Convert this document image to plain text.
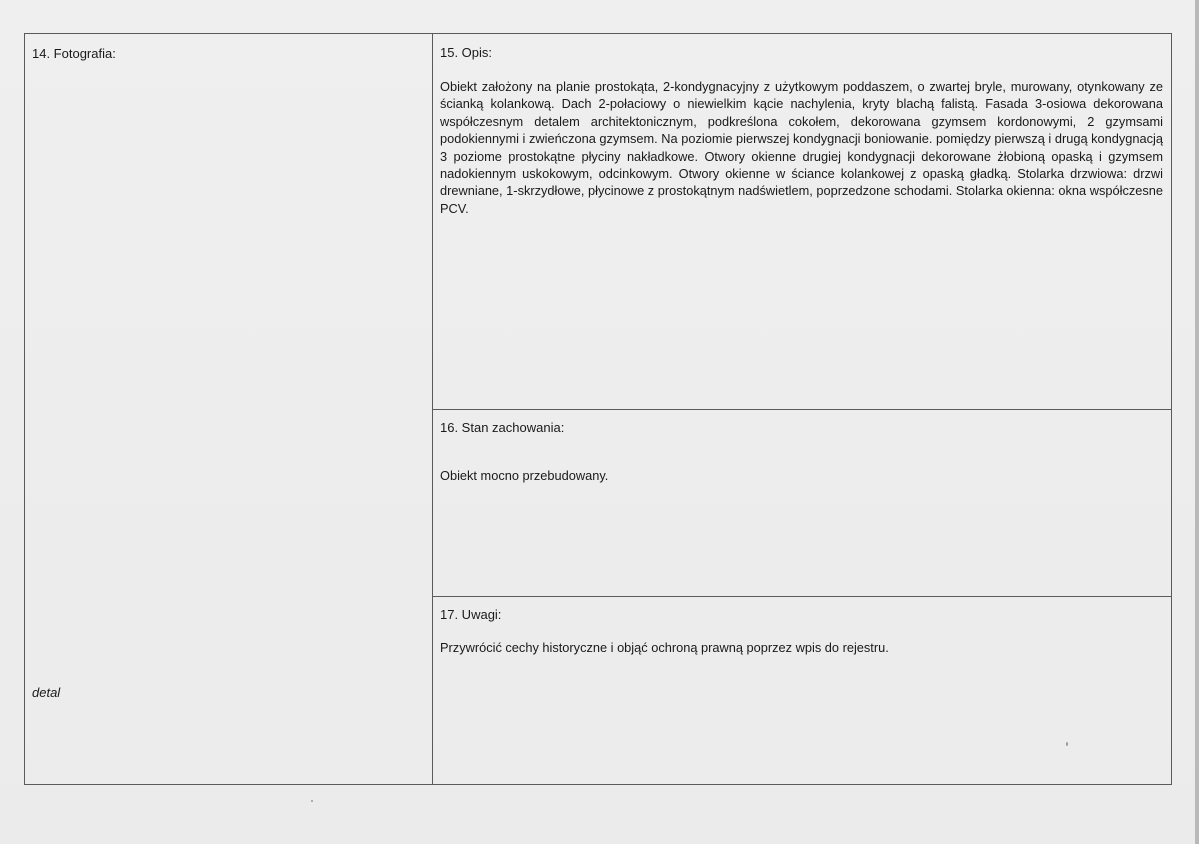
14. Fotografia:
detal
15. Opis:
Obiekt założony na planie prostokąta, 2-kondygnacyjny z użytkowym poddaszem, o zwartej bryle, murowany, otynkowany ze ścianką kolankową. Dach 2-połaciowy o niewielkim kącie nachylenia, kryty blachą falistą. Fasada 3-osiowa dekorowana współczesnym detalem architektonicznym, podkreślona cokołem, dekorowana gzymsem kordonowymi, 2 gzymsami podokiennymi i zwieńczona gzymsem. Na poziomie pierwszej kondygnacji boniowanie. pomiędzy pierwszą i drugą kondygnacją 3 poziome prostokątne płyciny nakładkowe. Otwory okienne drugiej kondygnacji dekorowane żłobioną opaską i gzymsem nadokiennym uskokowym, odcinkowym. Otwory okienne w ściance kolankowej z opaską gładką. Stolarka drzwiowa: drzwi drewniane, 1-skrzydłowe, płycinowe z prostokątnym nadświetlem, poprzedzone schodami. Stolarka okienna: okna współczesne PCV.
16. Stan zachowania:
Obiekt mocno przebudowany.
17. Uwagi:
Przywrócić cechy historyczne i objąć ochroną prawną poprzez wpis do rejestru.
